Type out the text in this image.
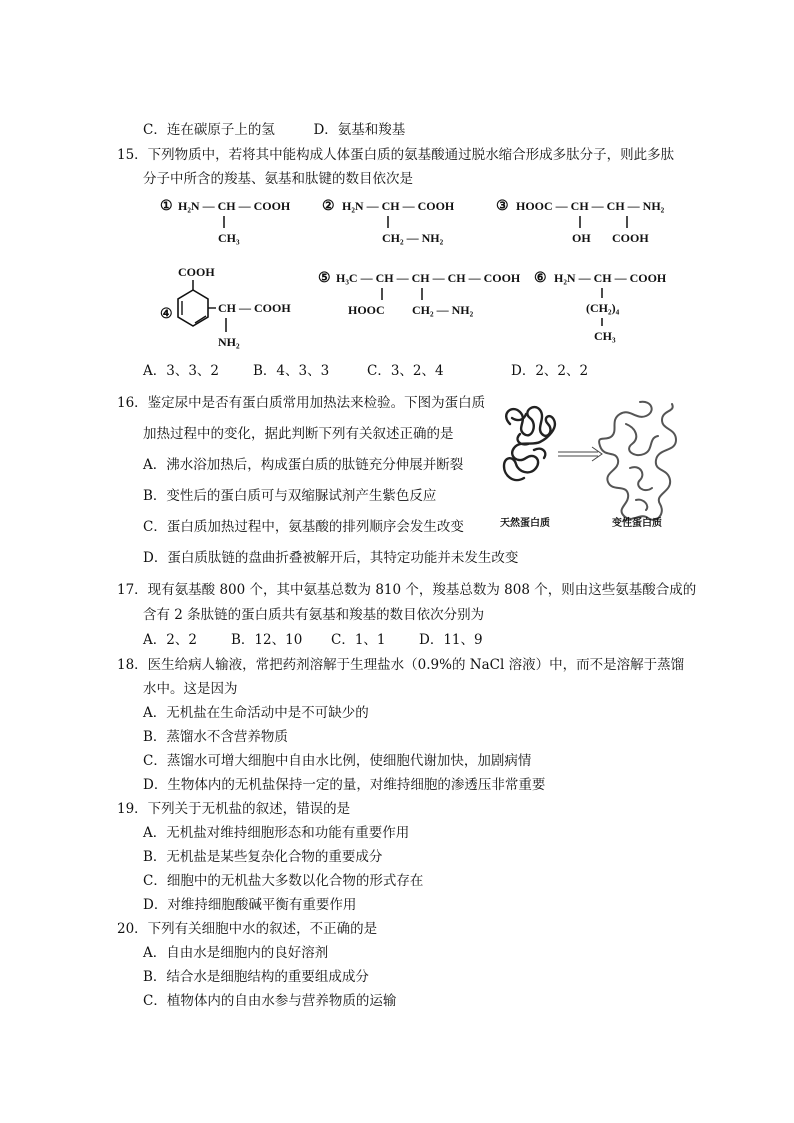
C．连在碳原子上的氢	D．氨基和羧基
15．下列物质中，若将其中能构成人体蛋白质的氨基酸通过脱水缩合形成多肽分子，则此多肽
分子中所含的羧基、氨基和肽键的数目依次是
① H₂N — CH — COOH
CH₃
② H₂N — CH — COOH
CH₂ — NH₂
③ HOOC — CH — CH — NH₂
OH COOH
④
COOH
CH — COOH
NH₂
⑤ H₃C — CH — CH — CH — COOH
HOOC CH₂ — NH₂
⑥ H₂N — CH — COOH
(CH₂)₄
CH₃
A．3、3、2	B．4、3、3	C．3、2、4	D．2、2、2
16．鉴定尿中是否有蛋白质常用加热法来检验。下图为蛋白质
加热过程中的变化，据此判断下列有关叙述正确的是
A．沸水浴加热后，构成蛋白质的肽链充分伸展并断裂
B．变性后的蛋白质可与双缩脲试剂产生紫色反应
C．蛋白质加热过程中，氨基酸的排列顺序会发生改变
D．蛋白质肽链的盘曲折叠被解开后，其特定功能并未发生改变
天然蛋白质	变性蛋白质
17．现有氨基酸 800 个，其中氨基总数为 810 个，羧基总数为 808 个，则由这些氨基酸合成的
含有 2 条肽链的蛋白质共有氨基和羧基的数目依次分别为
A．2、2	B．12、10 C．1、1 D．11、9
18．医生给病人输液，常把药剂溶解于生理盐水（0.9%的 NaCl 溶液）中，而不是溶解于蒸馏
水中。这是因为
A．无机盐在生命活动中是不可缺少的
B．蒸馏水不含营养物质
C．蒸馏水可增大细胞中自由水比例，使细胞代谢加快，加剧病情
D．生物体内的无机盐保持一定的量，对维持细胞的渗透压非常重要
19．下列关于无机盐的叙述，错误的是
A．无机盐对维持细胞形态和功能有重要作用
B．无机盐是某些复杂化合物的重要成分
C．细胞中的无机盐大多数以化合物的形式存在
D．对维持细胞酸碱平衡有重要作用
20．下列有关细胞中水的叙述，不正确的是
A．自由水是细胞内的良好溶剂
B．结合水是细胞结构的重要组成成分
C．植物体内的自由水参与营养物质的运输
